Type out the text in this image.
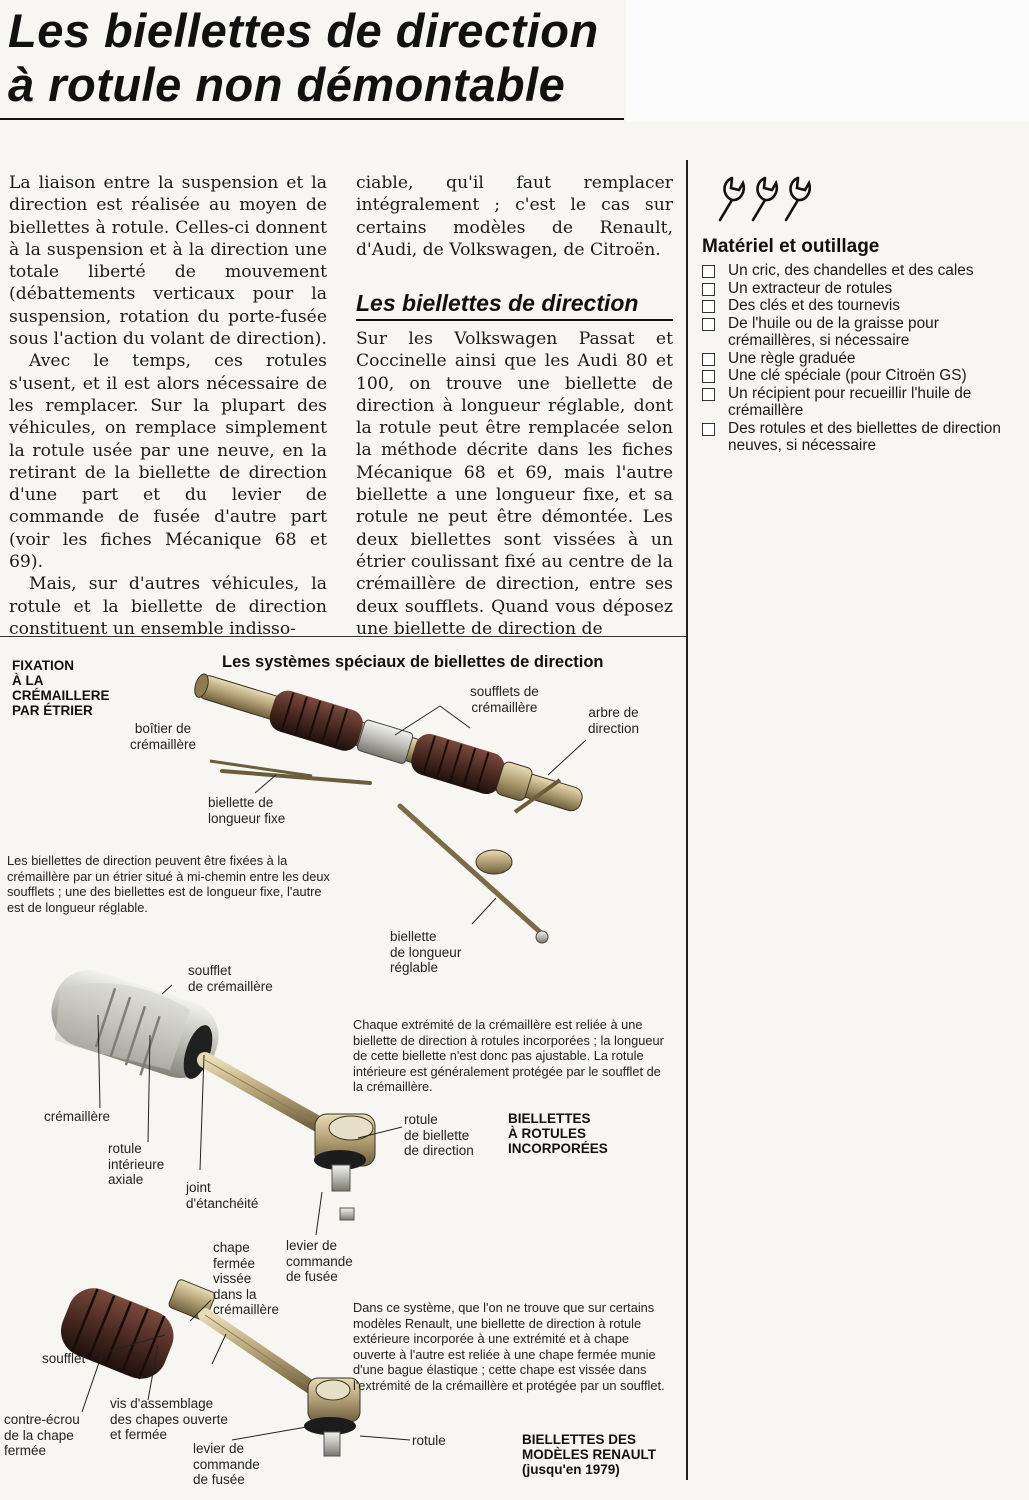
Les biellettes de direction à rotule non démontable

La liaison entre la suspension et la direction est réalisée au moyen de biellettes à rotule. Celles-ci donnent à la suspension et à la direction une totale liberté de mouvement (débattements verticaux pour la suspension, rotation du porte-fusée sous l'action du volant de direction).

Avec le temps, ces rotules s'usent, et il est alors nécessaire de les remplacer. Sur la plupart des véhicules, on remplace simplement la rotule usée par une neuve, en la retirant de la biellette de direction d'une part et du levier de commande de fusée d'autre part (voir les fiches Mécanique 68 et 69).

Mais, sur d'autres véhicules, la rotule et la biellette de direction constituent un ensemble indisso-

ciable, qu'il faut remplacer intégralement ; c'est le cas sur certains modèles de Renault, d'Audi, de Volkswagen, de Citroën.

Les biellettes de direction

Sur les Volkswagen Passat et Coccinelle ainsi que les Audi 80 et 100, on trouve une biellette de direction à longueur réglable, dont la rotule peut être remplacée selon la méthode décrite dans les fiches Mécanique 68 et 69, mais l'autre biellette a une longueur fixe, et sa rotule ne peut être démontée. Les deux biellettes sont vissées à un étrier coulissant fixé au centre de la crémaillère de direction, entre ses deux soufflets. Quand vous déposez une biellette de direction de

Matériel et outillage
Un cric, des chandelles et des cales
Un extracteur de rotules
Des clés et des tournevis
De l'huile ou de la graisse pour crémaillères, si nécessaire
Une règle graduée
Une clé spéciale (pour Citroën GS)
Un récipient pour recueillir l'huile de crémaillère
Des rotules et des biellettes de direction neuves, si nécessaire
FIXATION
À LA
CRÉMAILLERE
PAR ÉTRIER
Les systèmes spéciaux de biellettes de direction
boîtier de
crémaillère
soufflets de
crémaillère	arbre de
direction
biellette de
longueur fixe
Les biellettes de direction peuvent être fixées à la crémaillère par un étrier situé à mi-chemin entre les deux soufflets ; une des biellettes est de longueur fixe, l'autre est de longueur réglable.
biellette
de longueur
réglable
soufflet
de crémaillère
Chaque extrémité de la crémaillère est reliée à une biellette de direction à rotules incorporées ; la longueur de cette biellette n'est donc pas ajustable. La rotule intérieure est généralement protégée par le soufflet de la crémaillère.
crémaillère	rotule
de biellette
de direction
BIELLETTES
À ROTULES
INCORPORÉES
rotule
intérieure
axiale
joint
d'étanchéité
levier de
commande
de fusée
chape
fermée
vissée
dans la
crémaillère	Dans ce système, que l'on ne trouve que sur certains modèles Renault, une biellette de direction à rotule extérieure incorporée à une extrémité et à chape ouverte à l'autre est reliée à une chape fermée munie d'une bague élastique ; cette chape est vissée dans l'extrémité de la crémaillère et protégée par un soufflet.
soufflet
vis d'assemblage
des chapes ouverte
et fermée
contre-écrou
de la chape
fermée
rotule	BIELLETTES DES
MODÈLES RENAULT
(jusqu'en 1979)
levier de
commande
de fusée
